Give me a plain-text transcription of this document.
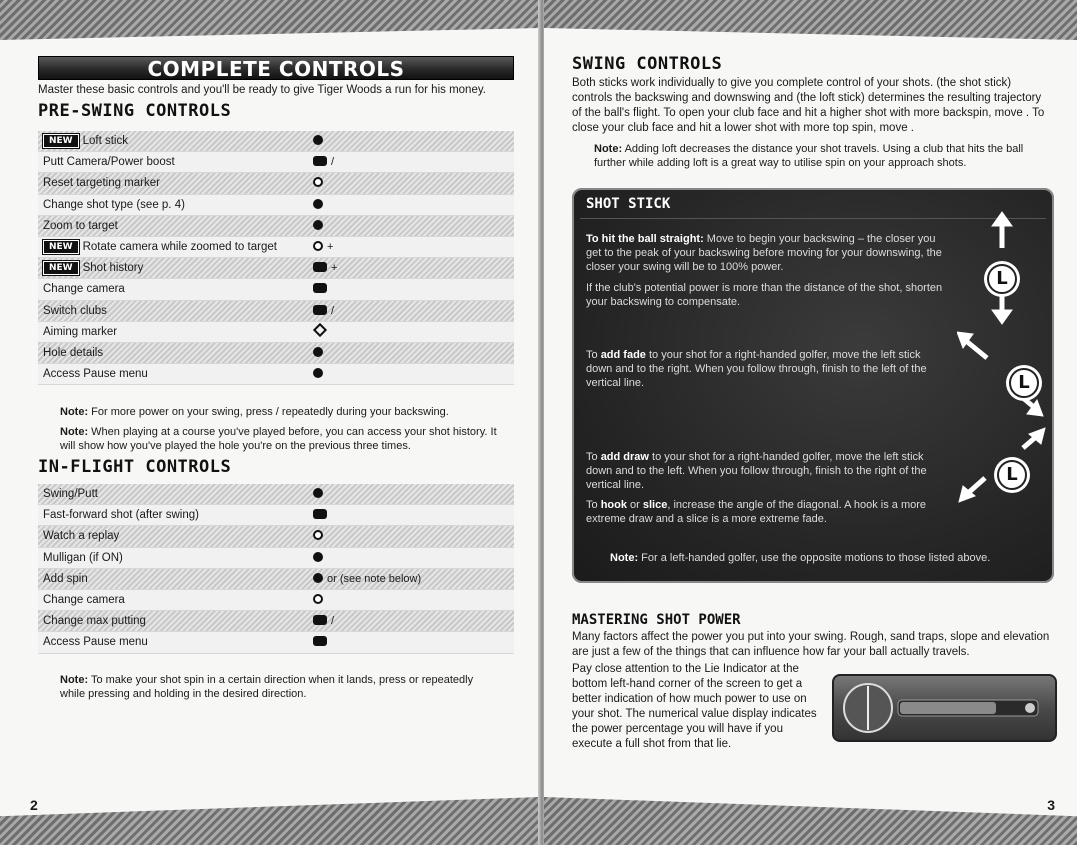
COMPLETE CONTROLS
Master these basic controls and you'll be ready to give Tiger Woods a run for his money.
PRE-SWING CONTROLS
NEW Loft stick
Putt Camera/Power boost	/
Reset targeting marker
Change shot type (see p. 4)
Zoom to target
NEW Rotate camera while zoomed to target	+
NEW Shot history	+
Change camera
Switch clubs	/
Aiming marker
Hole details
Access Pause menu
Note: For more power on your swing, press / repeatedly during your backswing.
Note: When playing at a course you've played before, you can access your shot history. It will show how you've played the hole you're on the previous three times.
IN-FLIGHT CONTROLS
Swing/Putt
Fast-forward shot (after swing)
Watch a replay
Mulligan (if ON)
Add spin	or (see note below)
Change camera
Change max putting	/
Access Pause menu
Note: To make your shot spin in a certain direction when it lands, press or repeatedly while pressing and holding in the desired direction.
2
SWING CONTROLS
Both sticks work individually to give you complete control of your shots. (the shot stick) controls the backswing and downswing and (the loft stick) determines the resulting trajectory of the ball's flight. To open your club face and hit a higher shot with more backspin, move . To close your club face and hit a lower shot with more top spin, move .
Note: Adding loft decreases the distance your shot travels. Using a club that hits the ball further while adding loft is a great way to utilise spin on your approach shots.
SHOT STICK
To hit the ball straight: Move to begin your backswing – the closer you get to the peak of your backswing before moving for your downswing, the closer your swing will be to 100% power.
If the club's potential power is more than the distance of the shot, shorten your backswing to compensate.
To add fade to your shot for a right-handed golfer, move the left stick down and to the right. When you follow through, finish to the left of the vertical line.
To add draw to your shot for a right-handed golfer, move the left stick down and to the left. When you follow through, finish to the right of the vertical line.
To hook or slice, increase the angle of the diagonal. A hook is a more extreme draw and a slice is a more extreme fade.
Note: For a left-handed golfer, use the opposite motions to those listed above.
L
L
L
MASTERING SHOT POWER
Many factors affect the power you put into your swing. Rough, sand traps, slope and elevation are just a few of the things that can influence how far your ball actually travels.
Pay close attention to the Lie Indicator at the bottom left-hand corner of the screen to get a better indication of how much power to use on your shot. The numerical value display indicates the power percentage you will have if you execute a full shot from that lie.
3
